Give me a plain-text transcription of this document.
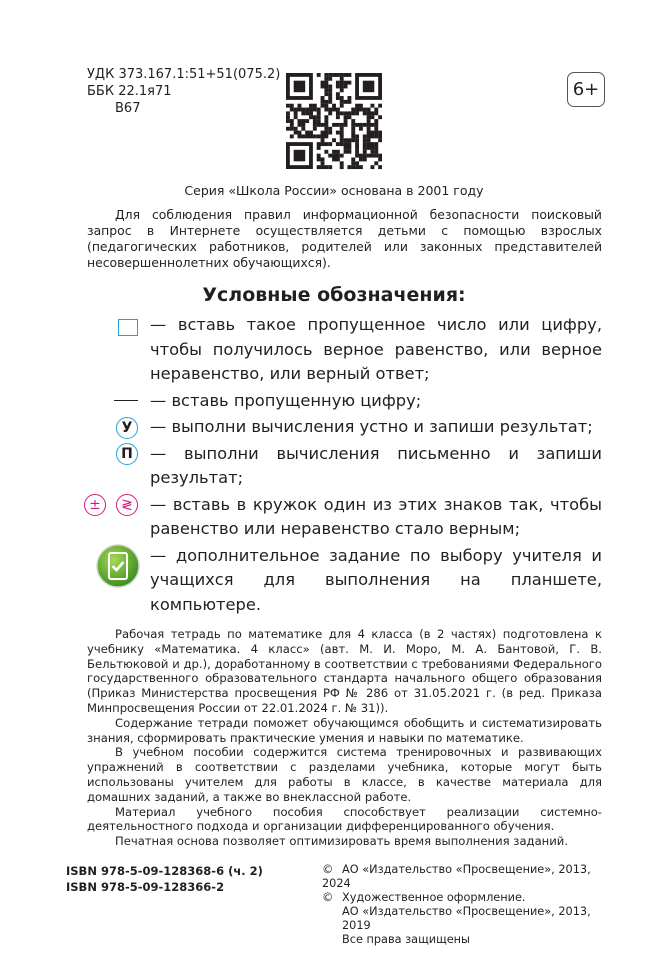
УДК 373.167.1:51+51(075.2)
ББК 22.1я71
В67
6+
Серия «Школа России» основана в 2001 году

Для соблюдения правил информационной безопасности поисковый запрос в Интернете осуществляется детьми с помощью взрослых (педагогических работников, родителей или законных представителей несовершеннолетних обучающихся).

Условные обозначения:
— вставь такое пропущенное число или цифру, чтобы получилось верное равенство, или верное неравенство, или верный ответ;
— вставь пропущенную цифру;
У	— выполни вычисления устно и запиши результат;
П	— выполни вычисления письменно и запиши результат;
±	≷	— вставь в кружок один из этих знаков так, чтобы равенство или неравенство стало верным;
— дополнительное задание по выбору учителя и учащихся для выполнения на планшете, компьютере.

Рабочая тетрадь по математике для 4 класса (в 2 частях) подготовлена к учебнику «Математика. 4 класс» (авт. М. И. Моро, М. А. Бантовой, Г. В. Бельтюковой и др.), доработанному в соответствии с требованиями Федерального государственного образовательного стандарта начального общего образования (Приказ Министерства просвещения РФ № 286 от 31.05.2021 г. (в ред. Приказа Минпросвещения России от 22.01.2024 г. № 31)).

Содержание тетради поможет обучающимся обобщить и систематизировать знания, сформировать практические умения и навыки по математике.

В учебном пособии содержится система тренировочных и развивающих упражнений в соответствии с разделами учебника, которые могут быть использованы учителем для работы в классе, в качестве материала для домашних заданий, а также во внеклассной работе.

Материал учебного пособия способствует реализации системно-деятельностного подхода и организации дифференцированного обучения.

Печатная основа позволяет оптимизировать время выполнения заданий.

ISBN 978-5-09-128368-6 (ч. 2)
ISBN 978-5-09-128366-2
© АО «Издательство «Просвещение», 2013, 2024
© Художественное оформление.
АО «Издательство «Просвещение», 2013, 2019
Все права защищены
